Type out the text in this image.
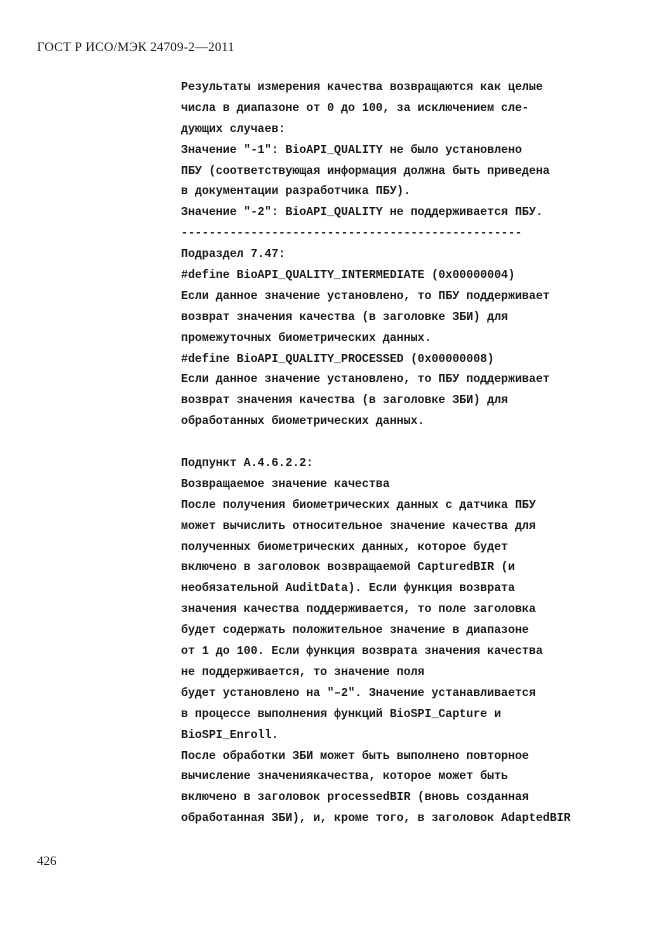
ГОСТ Р ИСО/МЭК 24709-2—2011
Результаты измерения качества возвращаются как целые
числа в диапазоне от 0 до 100, за исключением сле-
дующих случаев:
Значение "-1": BioAPI_QUALITY не было установлено
ПБУ (соответствующая информация должна быть приведена
в документации разработчика ПБУ).
Значение "-2": BioAPI_QUALITY не поддерживается ПБУ.
-------------------------------------------------
Подраздел 7.47:
#define BioAPI_QUALITY_INTERMEDIATE (0x00000004)
Если данное значение установлено, то ПБУ поддерживает
возврат значения качества (в заголовке ЗБИ) для
промежуточных биометрических данных.
#define BioAPI_QUALITY_PROCESSED (0x00000008)
Если данное значение установлено, то ПБУ поддерживает
возврат значения качества (в заголовке ЗБИ) для
обработанных биометрических данных.
Подпункт А.4.6.2.2:
Возвращаемое значение качества
После получения биометрических данных с датчика ПБУ
может вычислить относительное значение качества для
полученных биометрических данных, которое будет
включено в заголовок возвращаемой CapturedBIR (и
необязательной AuditData). Если функция возврата
значения качества поддерживается, то поле заголовка
будет содержать положительное значение в диапазоне
от 1 до 100. Если функция возврата значения качества
не поддерживается, то значение поля
будет установлено на "–2". Значение устанавливается
в процессе выполнения функций BioSPI_Capture и
BioSPI_Enroll.
После обработки ЗБИ может быть выполнено повторное
вычисление значениякачества, которое может быть
включено в заголовок processedBIR (вновь созданная
обработанная ЗБИ), и, кроме того, в заголовок AdaptedBIR
426
